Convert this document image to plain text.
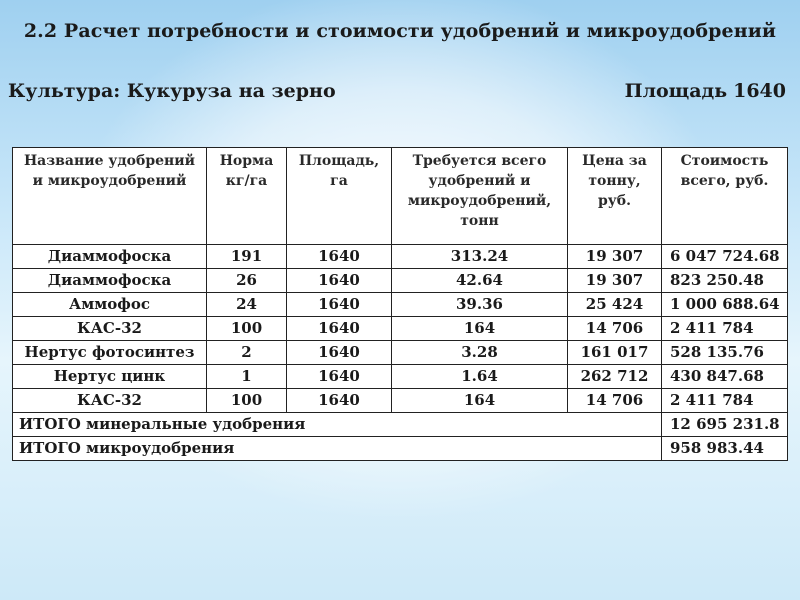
2.2 Расчет потребности и стоимости удобрений и микроудобрений
Культура: Кукуруза на зерно	Площадь 1640
Название удобрений и микроудобрений	Норма кг/га	Площадь, га	Требуется всего удобрений и микроудобрений, тонн	Цена за тонну, руб.	Стоимость всего, руб.
Диаммофоска	191	1640	313.24	19 307	6 047 724.68
Диаммофоска	26	1640	42.64	19 307	823 250.48
Аммофос	24	1640	39.36	25 424	1 000 688.64
КАС-32	100	1640	164	14 706	2 411 784
Нертус фотосинтез	2	1640	3.28	161 017	528 135.76
Нертус цинк	1	1640	1.64	262 712	430 847.68
КАС-32	100	1640	164	14 706	2 411 784
ИТОГО минеральные удобрения					12 695 231.8
ИТОГО микроудобрения					958 983.44
